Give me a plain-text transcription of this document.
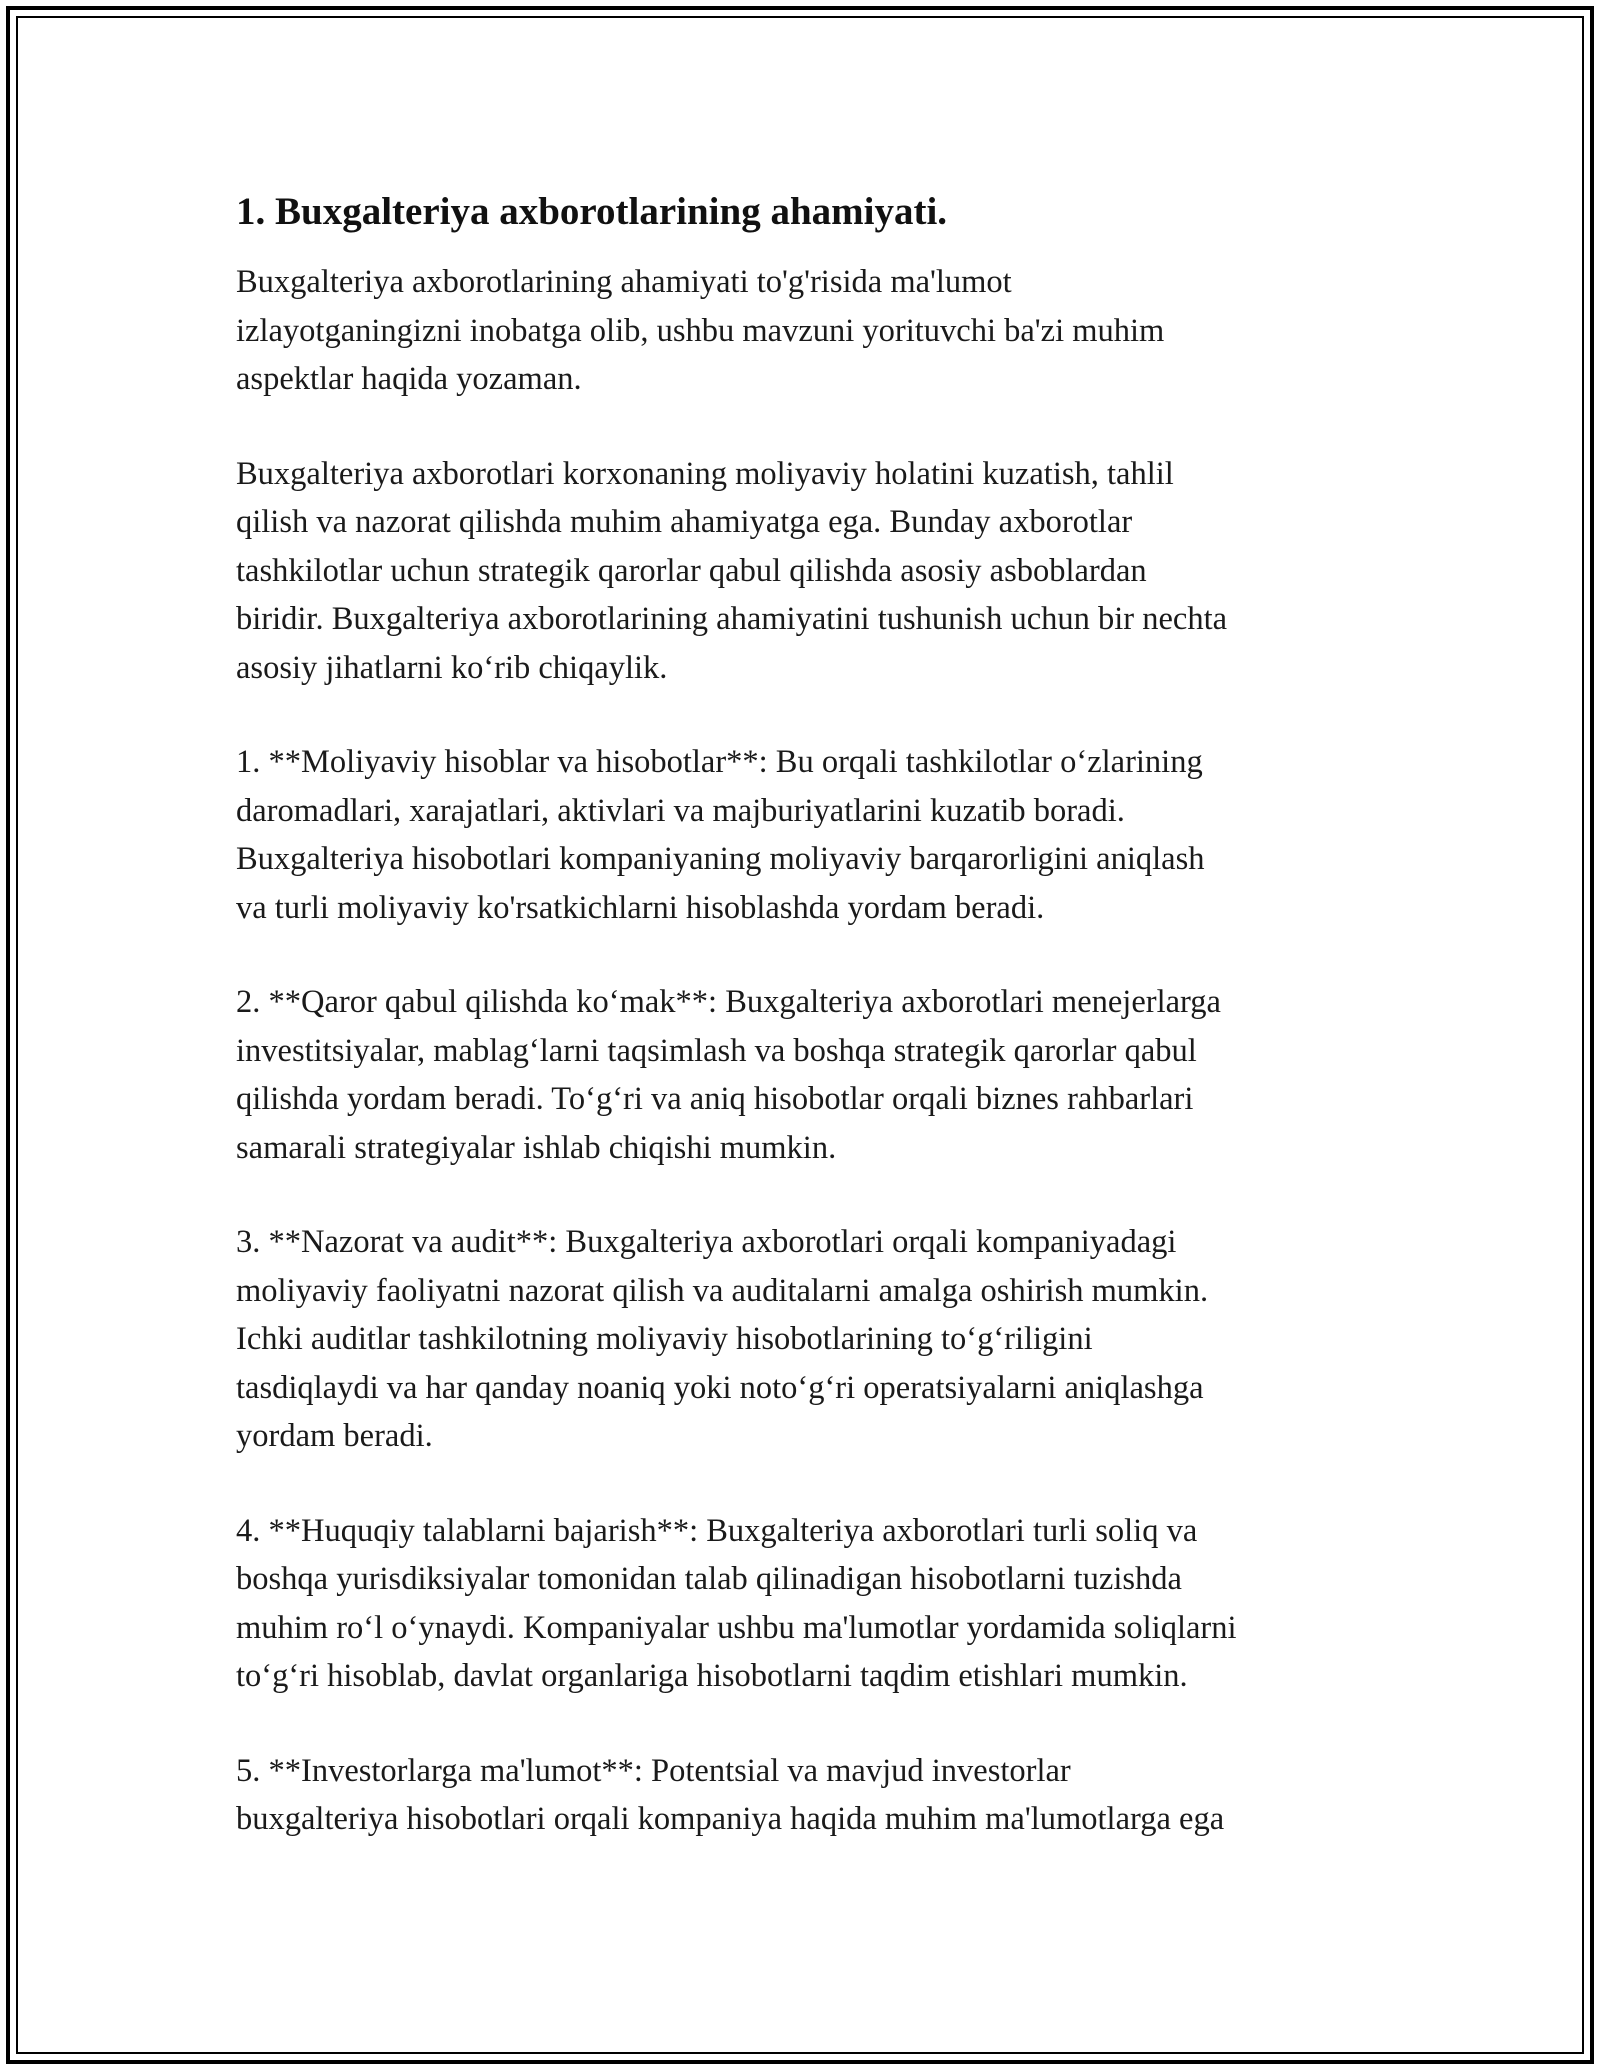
1. Buxgalteriya axborotlarining ahamiyati.

Buxgalteriya axborotlarining ahamiyati to'g'risida ma'lumot
izlayotganingizni inobatga olib, ushbu mavzuni yorituvchi ba'zi muhim
aspektlar haqida yozaman.

Buxgalteriya axborotlari korxonaning moliyaviy holatini kuzatish, tahlil
qilish va nazorat qilishda muhim ahamiyatga ega. Bunday axborotlar
tashkilotlar uchun strategik qarorlar qabul qilishda asosiy asboblardan
biridir. Buxgalteriya axborotlarining ahamiyatini tushunish uchun bir nechta
asosiy jihatlarni koʻrib chiqaylik.

1. **Moliyaviy hisoblar va hisobotlar**: Bu orqali tashkilotlar oʻzlarining
daromadlari, xarajatlari, aktivlari va majburiyatlarini kuzatib boradi.
Buxgalteriya hisobotlari kompaniyaning moliyaviy barqarorligini aniqlash
va turli moliyaviy ko'rsatkichlarni hisoblashda yordam beradi.

2. **Qaror qabul qilishda koʻmak**: Buxgalteriya axborotlari menejerlarga
investitsiyalar, mablagʻlarni taqsimlash va boshqa strategik qarorlar qabul
qilishda yordam beradi. Toʻgʻri va aniq hisobotlar orqali biznes rahbarlari
samarali strategiyalar ishlab chiqishi mumkin.

3. **Nazorat va audit**: Buxgalteriya axborotlari orqali kompaniyadagi
moliyaviy faoliyatni nazorat qilish va auditalarni amalga oshirish mumkin.
Ichki auditlar tashkilotning moliyaviy hisobotlarining toʻgʻriligini
tasdiqlaydi va har qanday noaniq yoki notoʻgʻri operatsiyalarni aniqlashga
yordam beradi.

4. **Huquqiy talablarni bajarish**: Buxgalteriya axborotlari turli soliq va
boshqa yurisdiksiyalar tomonidan talab qilinadigan hisobotlarni tuzishda
muhim roʻl oʻynaydi. Kompaniyalar ushbu ma'lumotlar yordamida soliqlarni
toʻgʻri hisoblab, davlat organlariga hisobotlarni taqdim etishlari mumkin.

5. **Investorlarga ma'lumot**: Potentsial va mavjud investorlar
buxgalteriya hisobotlari orqali kompaniya haqida muhim ma'lumotlarga ega
